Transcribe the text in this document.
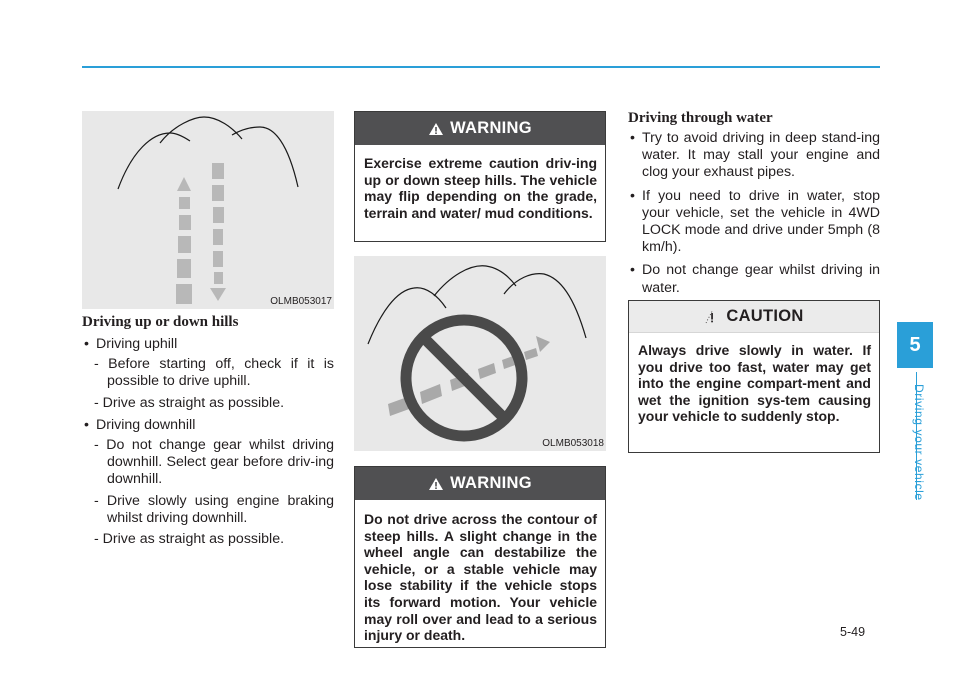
OLMB053017
Driving up or down hills
• Driving uphill
- Before starting off, check if it is possible to drive uphill.
- Drive as straight as possible.
• Driving downhill
- Do not change gear whilst driving downhill. Select gear before driv-ing downhill.
- Drive slowly using engine braking whilst driving downhill.
- Drive as straight as possible.
WARNING
Exercise extreme caution driv-ing up or down steep hills. The vehicle may flip depending on the grade, terrain and water/ mud conditions.
OLMB053018
WARNING
Do not drive across the contour of steep hills. A slight change in the wheel angle can destabilize the vehicle, or a stable vehicle may lose stability if the vehicle stops its forward motion. Your vehicle may roll over and lead to a serious injury or death.
Driving through water
• Try to avoid driving in deep stand-ing water. It may stall your engine and clog your exhaust pipes.
• If you need to drive in water, stop your vehicle, set the vehicle in 4WD LOCK mode and drive under 5mph (8 km/h).
• Do not change gear whilst driving in water.
CAUTION
Always drive slowly in water. If you drive too fast, water may get into the engine compart-ment and wet the ignition sys-tem causing your vehicle to suddenly stop.
5
Driving your vehicle
5-49
